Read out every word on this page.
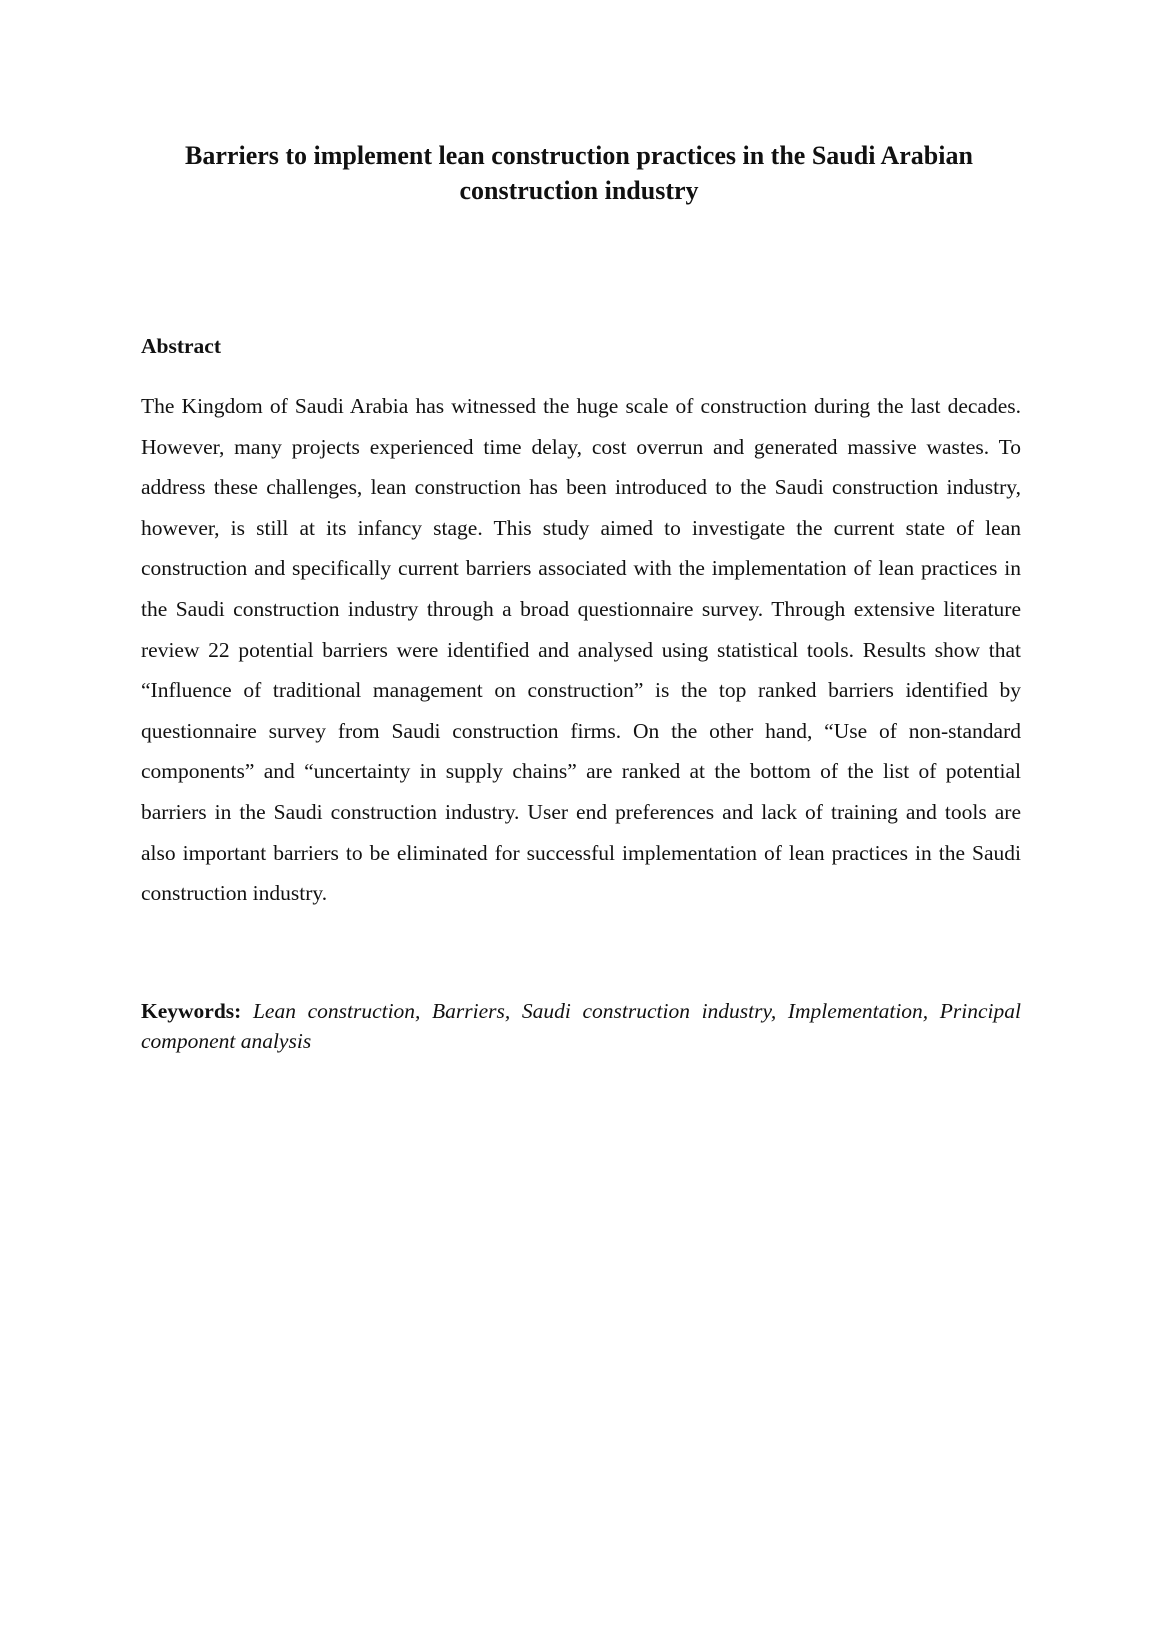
Barriers to implement lean construction practices in the Saudi Arabian construction industry
Abstract

The Kingdom of Saudi Arabia has witnessed the huge scale of construction during the last decades. However, many projects experienced time delay, cost overrun and generated massive wastes. To address these challenges, lean construction has been introduced to the Saudi construction industry, however, is still at its infancy stage. This study aimed to investigate the current state of lean construction and specifically current barriers associated with the implementation of lean practices in the Saudi construction industry through a broad questionnaire survey. Through extensive literature review 22 potential barriers were identified and analysed using statistical tools. Results show that “Influence of traditional management on construction” is the top ranked barriers identified by questionnaire survey from Saudi construction firms. On the other hand, “Use of non-standard components” and “uncertainty in supply chains” are ranked at the bottom of the list of potential barriers in the Saudi construction industry. User end preferences and lack of training and tools are also important barriers to be eliminated for successful implementation of lean practices in the Saudi construction industry.

Keywords: Lean construction, Barriers, Saudi construction industry, Implementation, Principal component analysis
